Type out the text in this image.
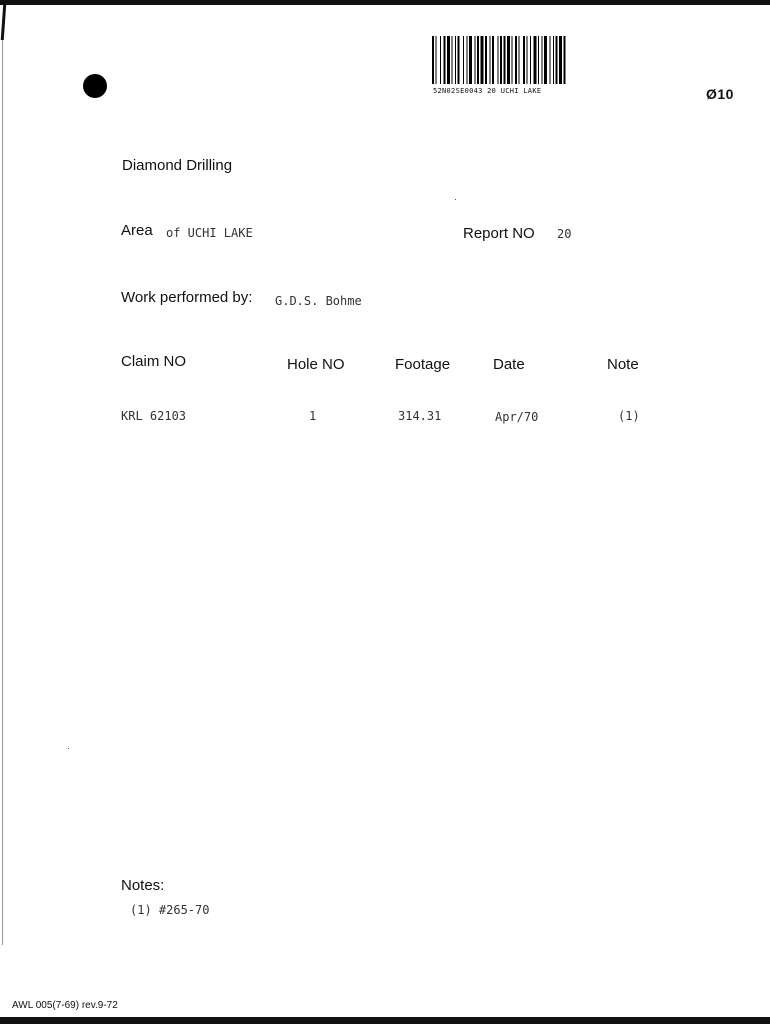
52N02SE0043 20 UCHI LAKE	Ø10
Diamond Drilling
Area of UCHI LAKE	Report NO 20
Work performed by: G.D.S. Bohme
Claim NO	Hole NO	Footage	Date	Note
KRL 62103	1	314.31	Apr/70	(1)
Notes:
(1) #265-70
AWL 005(7-69) rev.9-72
